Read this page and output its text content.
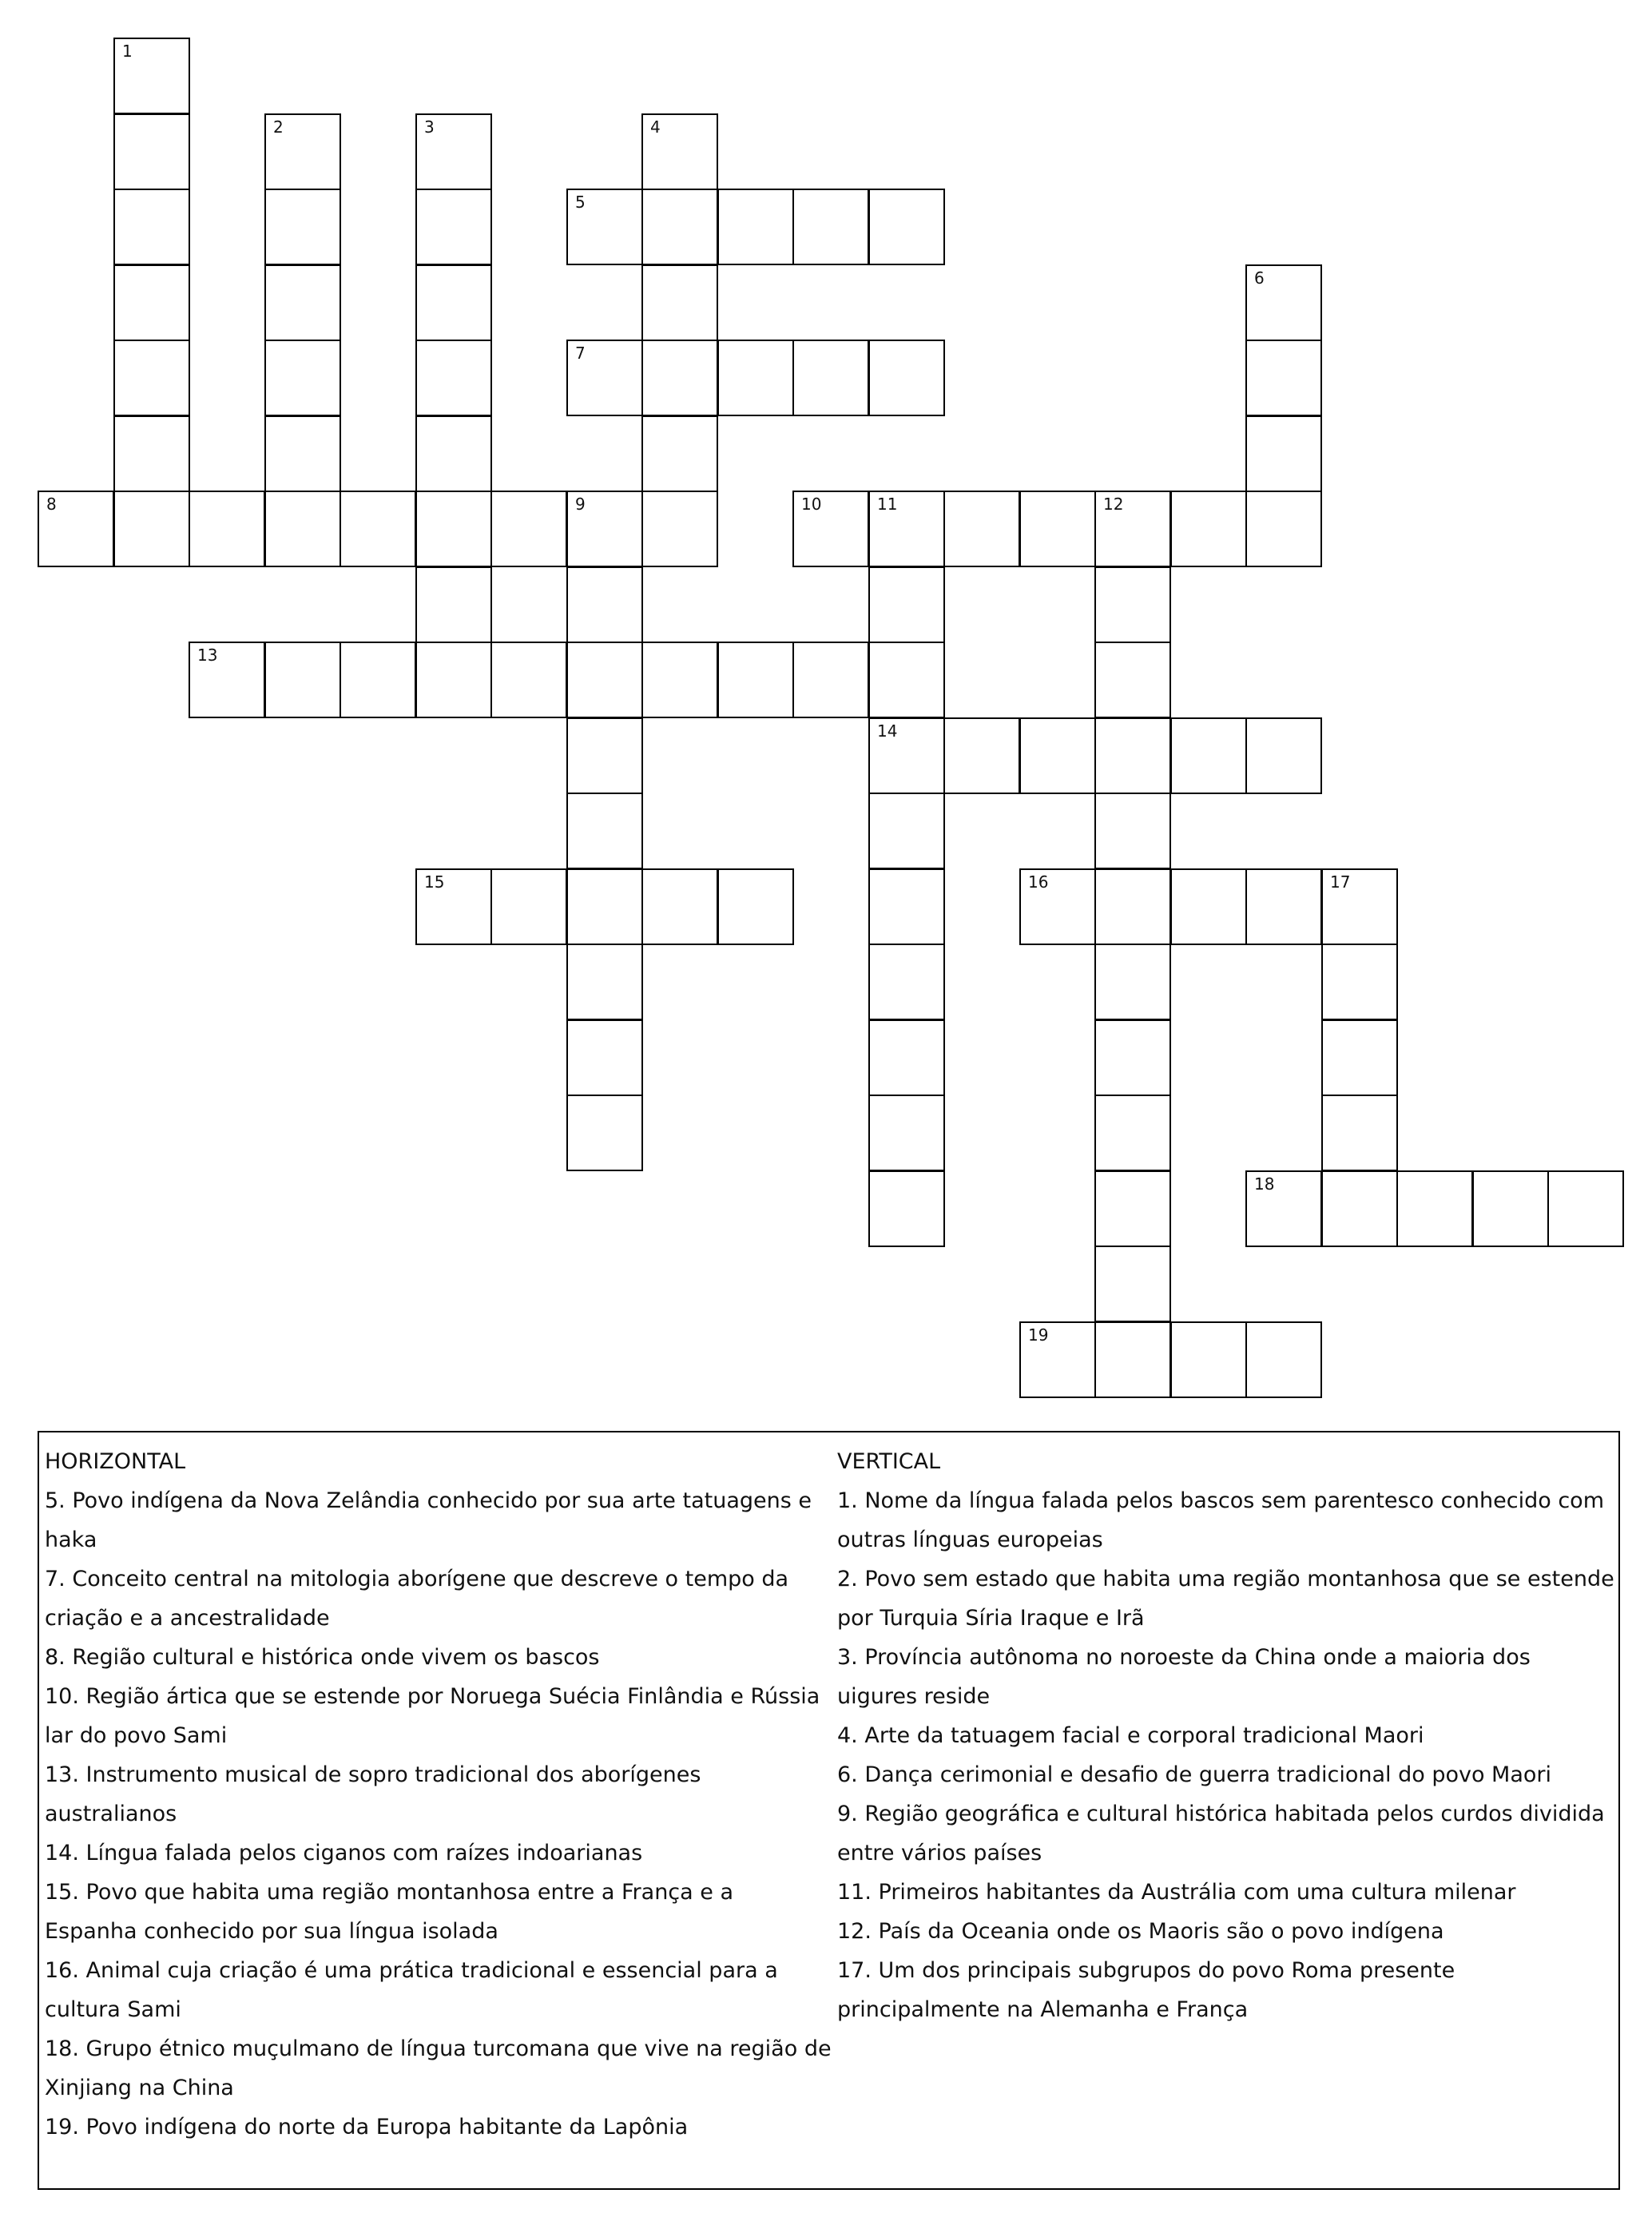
5
7
8	9	10	11	12
13
14
15	16	17
18
19
1
2	3	4
6
HORIZONTAL
5. Povo indígena da Nova Zelândia conhecido por sua arte tatuagens e haka
7. Conceito central na mitologia aborígene que descreve o tempo da criação e a ancestralidade
8. Região cultural e histórica onde vivem os bascos
10. Região ártica que se estende por Noruega Suécia Finlândia e Rússia lar do povo Sami
13. Instrumento musical de sopro tradicional dos aborígenes australianos
14. Língua falada pelos ciganos com raízes indoarianas
15. Povo que habita uma região montanhosa entre a França e a Espanha conhecido por sua língua isolada
16. Animal cuja criação é uma prática tradicional e essencial para a cultura Sami
18. Grupo étnico muçulmano de língua turcomana que vive na região de Xinjiang na China
19. Povo indígena do norte da Europa habitante da Lapônia
VERTICAL
1. Nome da língua falada pelos bascos sem parentesco conhecido com outras línguas europeias
2. Povo sem estado que habita uma região montanhosa que se estende por Turquia Síria Iraque e Irã
3. Província autônoma no noroeste da China onde a maioria dos uigures reside
4. Arte da tatuagem facial e corporal tradicional Maori
6. Dança cerimonial e desafio de guerra tradicional do povo Maori
9. Região geográfica e cultural histórica habitada pelos curdos dividida entre vários países
11. Primeiros habitantes da Austrália com uma cultura milenar
12. País da Oceania onde os Maoris são o povo indígena
17. Um dos principais subgrupos do povo Roma presente principalmente na Alemanha e França
